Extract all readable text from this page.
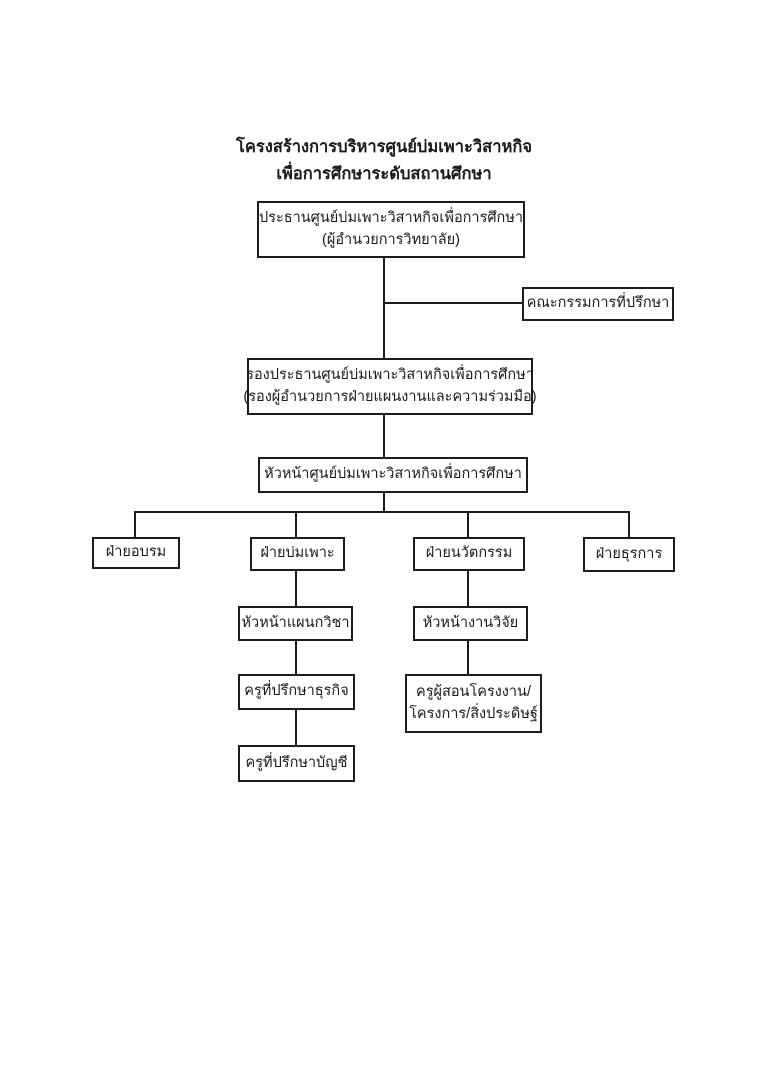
โครงสร้างการบริหารศูนย์บ่มเพาะวิสาหกิจ
เพื่อการศึกษาระดับสถานศึกษา
ประธานศูนย์บ่มเพาะวิสาหกิจเพื่อการศึกษา
(ผู้อำนวยการวิทยาลัย)
คณะกรรมการที่ปรึกษา
รองประธานศูนย์บ่มเพาะวิสาหกิจเพื่อการศึกษา
(รองผู้อำนวยการฝ่ายแผนงานและความร่วมมือ)
หัวหน้าศูนย์บ่มเพาะวิสาหกิจเพื่อการศึกษา
ฝ่ายอบรม	ฝ่ายบ่มเพาะ	ฝ่ายนวัตกรรม	ฝ่ายธุรการ
หัวหน้าแผนกวิชา	หัวหน้างานวิจัย
ครูที่ปรึกษาธุรกิจ	ครูผู้สอนโครงงาน/
โครงการ/สิ่งประดิษฐ์
ครูที่ปรึกษาบัญชี
